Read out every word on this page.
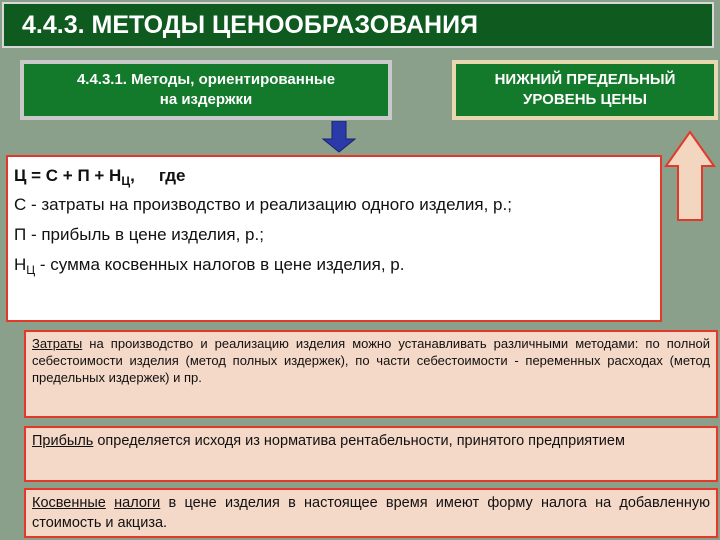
4.4.3. МЕТОДЫ ЦЕНООБРАЗОВАНИЯ
4.4.3.1. Методы, ориентированные
на издержки
НИЖНИЙ ПРЕДЕЛЬНЫЙ
УРОВЕНЬ ЦЕНЫ
Ц = С + П + Н Ц , где
С - затраты на производство и реализацию одного изделия, р.;
П - прибыль в цене изделия, р.;
$Н_Ц$ - сумма косвенных налогов в цене изделия, р.
Затраты на производство и реализацию изделия можно устанавливать различными методами: по полной себестоимости изделия (метод полных издержек), по части себестоимости - переменных расходах (метод предельных издержек) и пр.
Прибыль определяется исходя из норматива рентабельности, принятого предприятием
Косвенные налоги в цене изделия в настоящее время имеют форму налога на добавленную стоимость и акциза.
